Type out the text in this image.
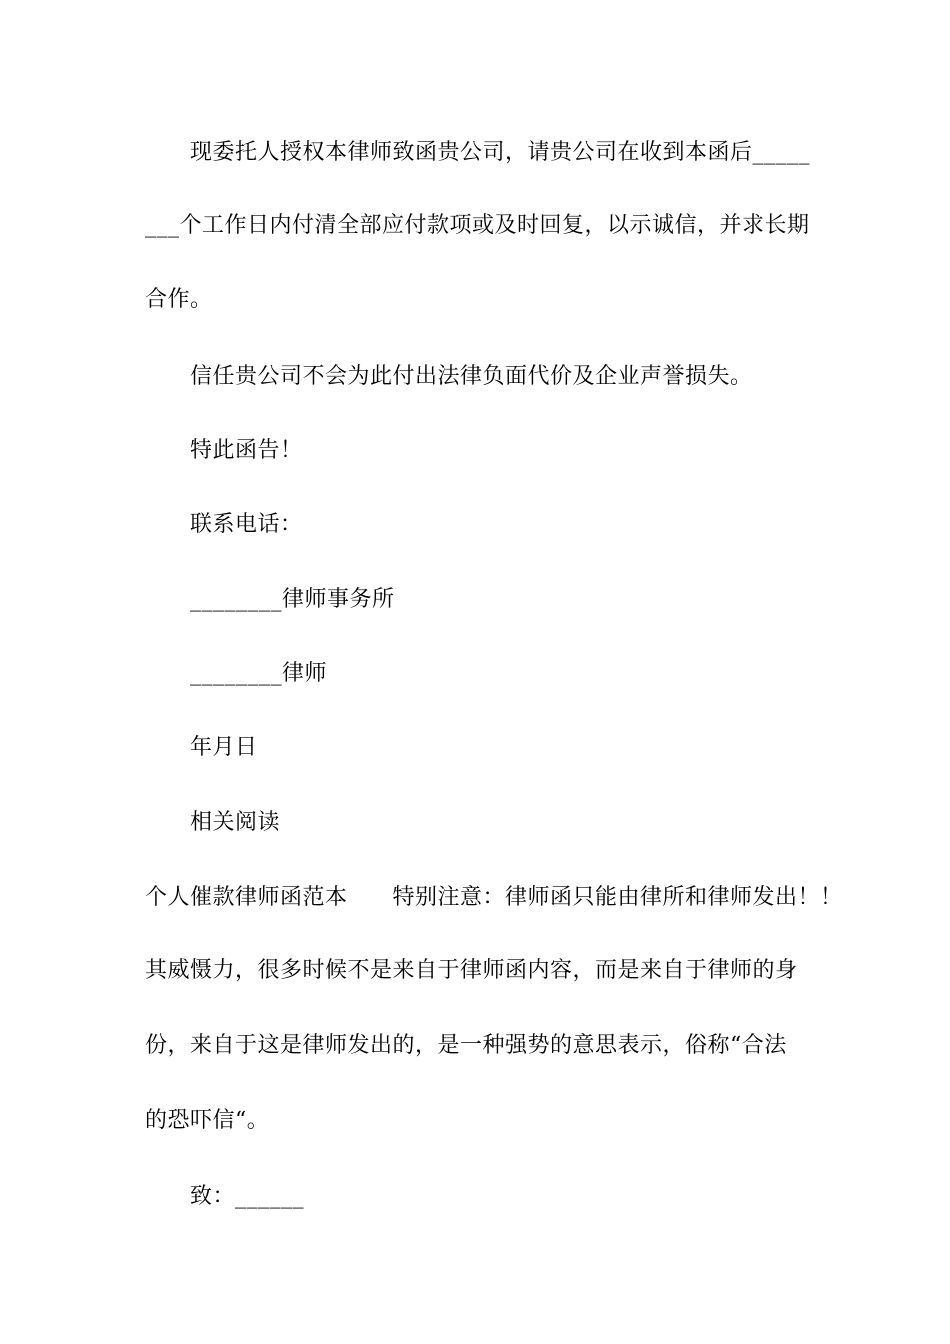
现委托人授权本律师致函贵公司，请贵公司在收到本函后_____
___个工作日内付清全部应付款项或及时回复，以示诚信，并求长期
合作。
信任贵公司不会为此付出法律负面代价及企业声誉损失。
特此函告！
联系电话：
________律师事务所
________律师
年月日
相关阅读
个人催款律师函范本　　特别注意：律师函只能由律所和律师发出！！
其威慑力，很多时候不是来自于律师函内容，而是来自于律师的身
份，来自于这是律师发出的，是一种强势的意思表示，俗称“合法
的恐吓信“。
致：______
